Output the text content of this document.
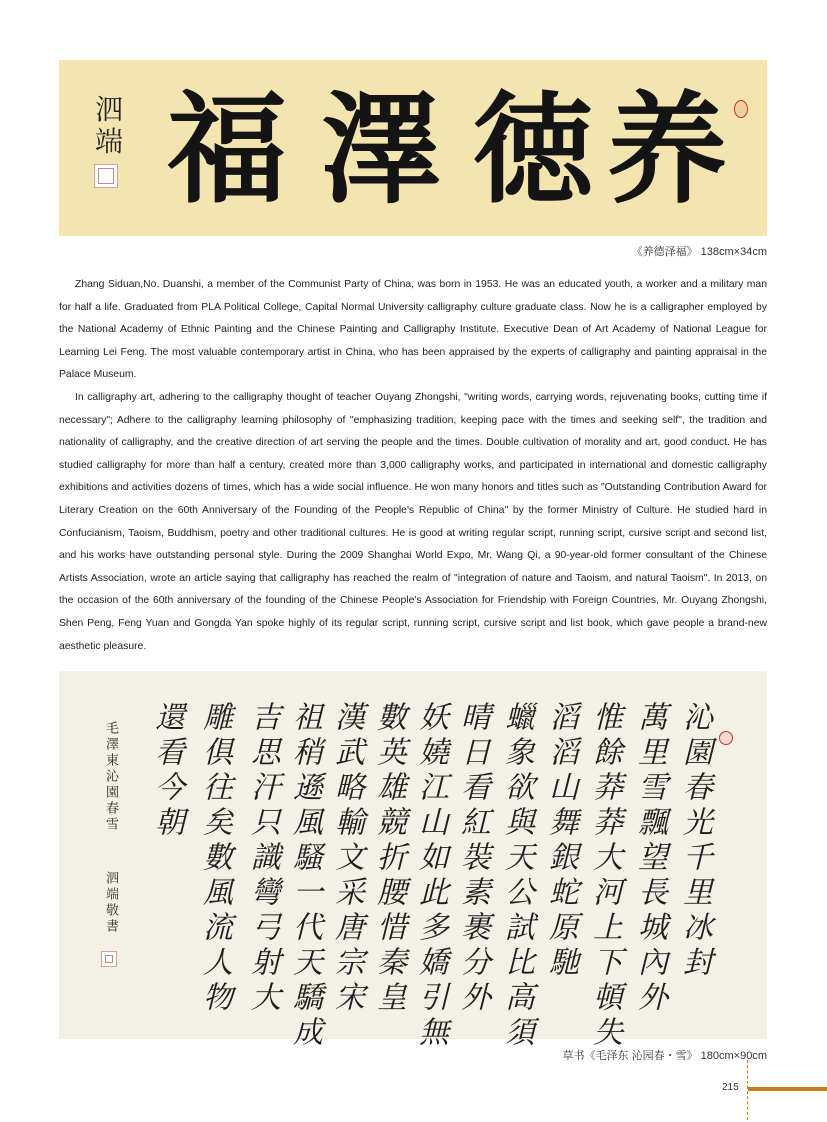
泗
端 福 澤 徳 养
《养德泽福》 138cm×34cm

Zhang Siduan,No. Duanshi, a member of the Communist Party of China, was born in 1953. He was an educated youth, a worker and a military man for half a life. Graduated from PLA Political College, Capital Normal University calligraphy culture graduate class. Now he is a calligrapher employed by the National Academy of Ethnic Painting and the Chinese Painting and Calligraphy Institute. Executive Dean of Art Academy of National League for Learning Lei Feng. The most valuable contemporary artist in China, who has been appraised by the experts of calligraphy and painting appraisal in the Palace Museum.

In calligraphy art, adhering to the calligraphy thought of teacher Ouyang Zhongshi, "writing words, carrying words, rejuvenating books, cutting time if necessary"; Adhere to the calligraphy learning philosophy of "emphasizing tradition, keeping pace with the times and seeking self", the tradition and nationality of calligraphy, and the creative direction of art serving the people and the times. Double cultivation of morality and art, good conduct. He has studied calligraphy for more than half a century, created more than 3,000 calligraphy works, and participated in international and domestic calligraphy exhibitions and activities dozens of times, which has a wide social influence. He won many honors and titles such as "Outstanding Contribution Award for Literary Creation on the 60th Anniversary of the Founding of the People's Republic of China" by the former Ministry of Culture. He studied hard in Confucianism, Taoism, Buddhism, poetry and other traditional cultures. He is good at writing regular script, running script, cursive script and second list, and his works have outstanding personal style. During the 2009 Shanghai World Expo, Mr. Wang Qi, a 90-year-old former consultant of the Chinese Artists Association, wrote an article saying that calligraphy has reached the realm of "integration of nature and Taoism, and natural Taoism". In 2013, on the occasion of the 60th anniversary of the founding of the Chinese People's Association for Friendship with Foreign Countries, Mr. Ouyang Zhongshi, Shen Peng, Feng Yuan and Gongda Yan spoke highly of its regular script, running script, cursive script and list book, which gave people a brand-new aesthetic pleasure.

沁園春光千里冰封
萬里雪飄望長城內外
惟餘莽莽大河上下頓失
滔滔山舞銀蛇原馳
蠟象欲與天公試比高須
晴日看紅裝素裹分外
妖嬈江山如此多嬌引無
數英雄競折腰惜秦皇
漢武略輸文采唐宗宋
祖稍遜風騷一代天驕成
吉思汗只識彎弓射大
雕俱往矣數風流人物
還看今朝
毛澤東沁園春雪
泗端敬書
草书《毛泽东 沁园春・雪》 180cm×90cm
215
